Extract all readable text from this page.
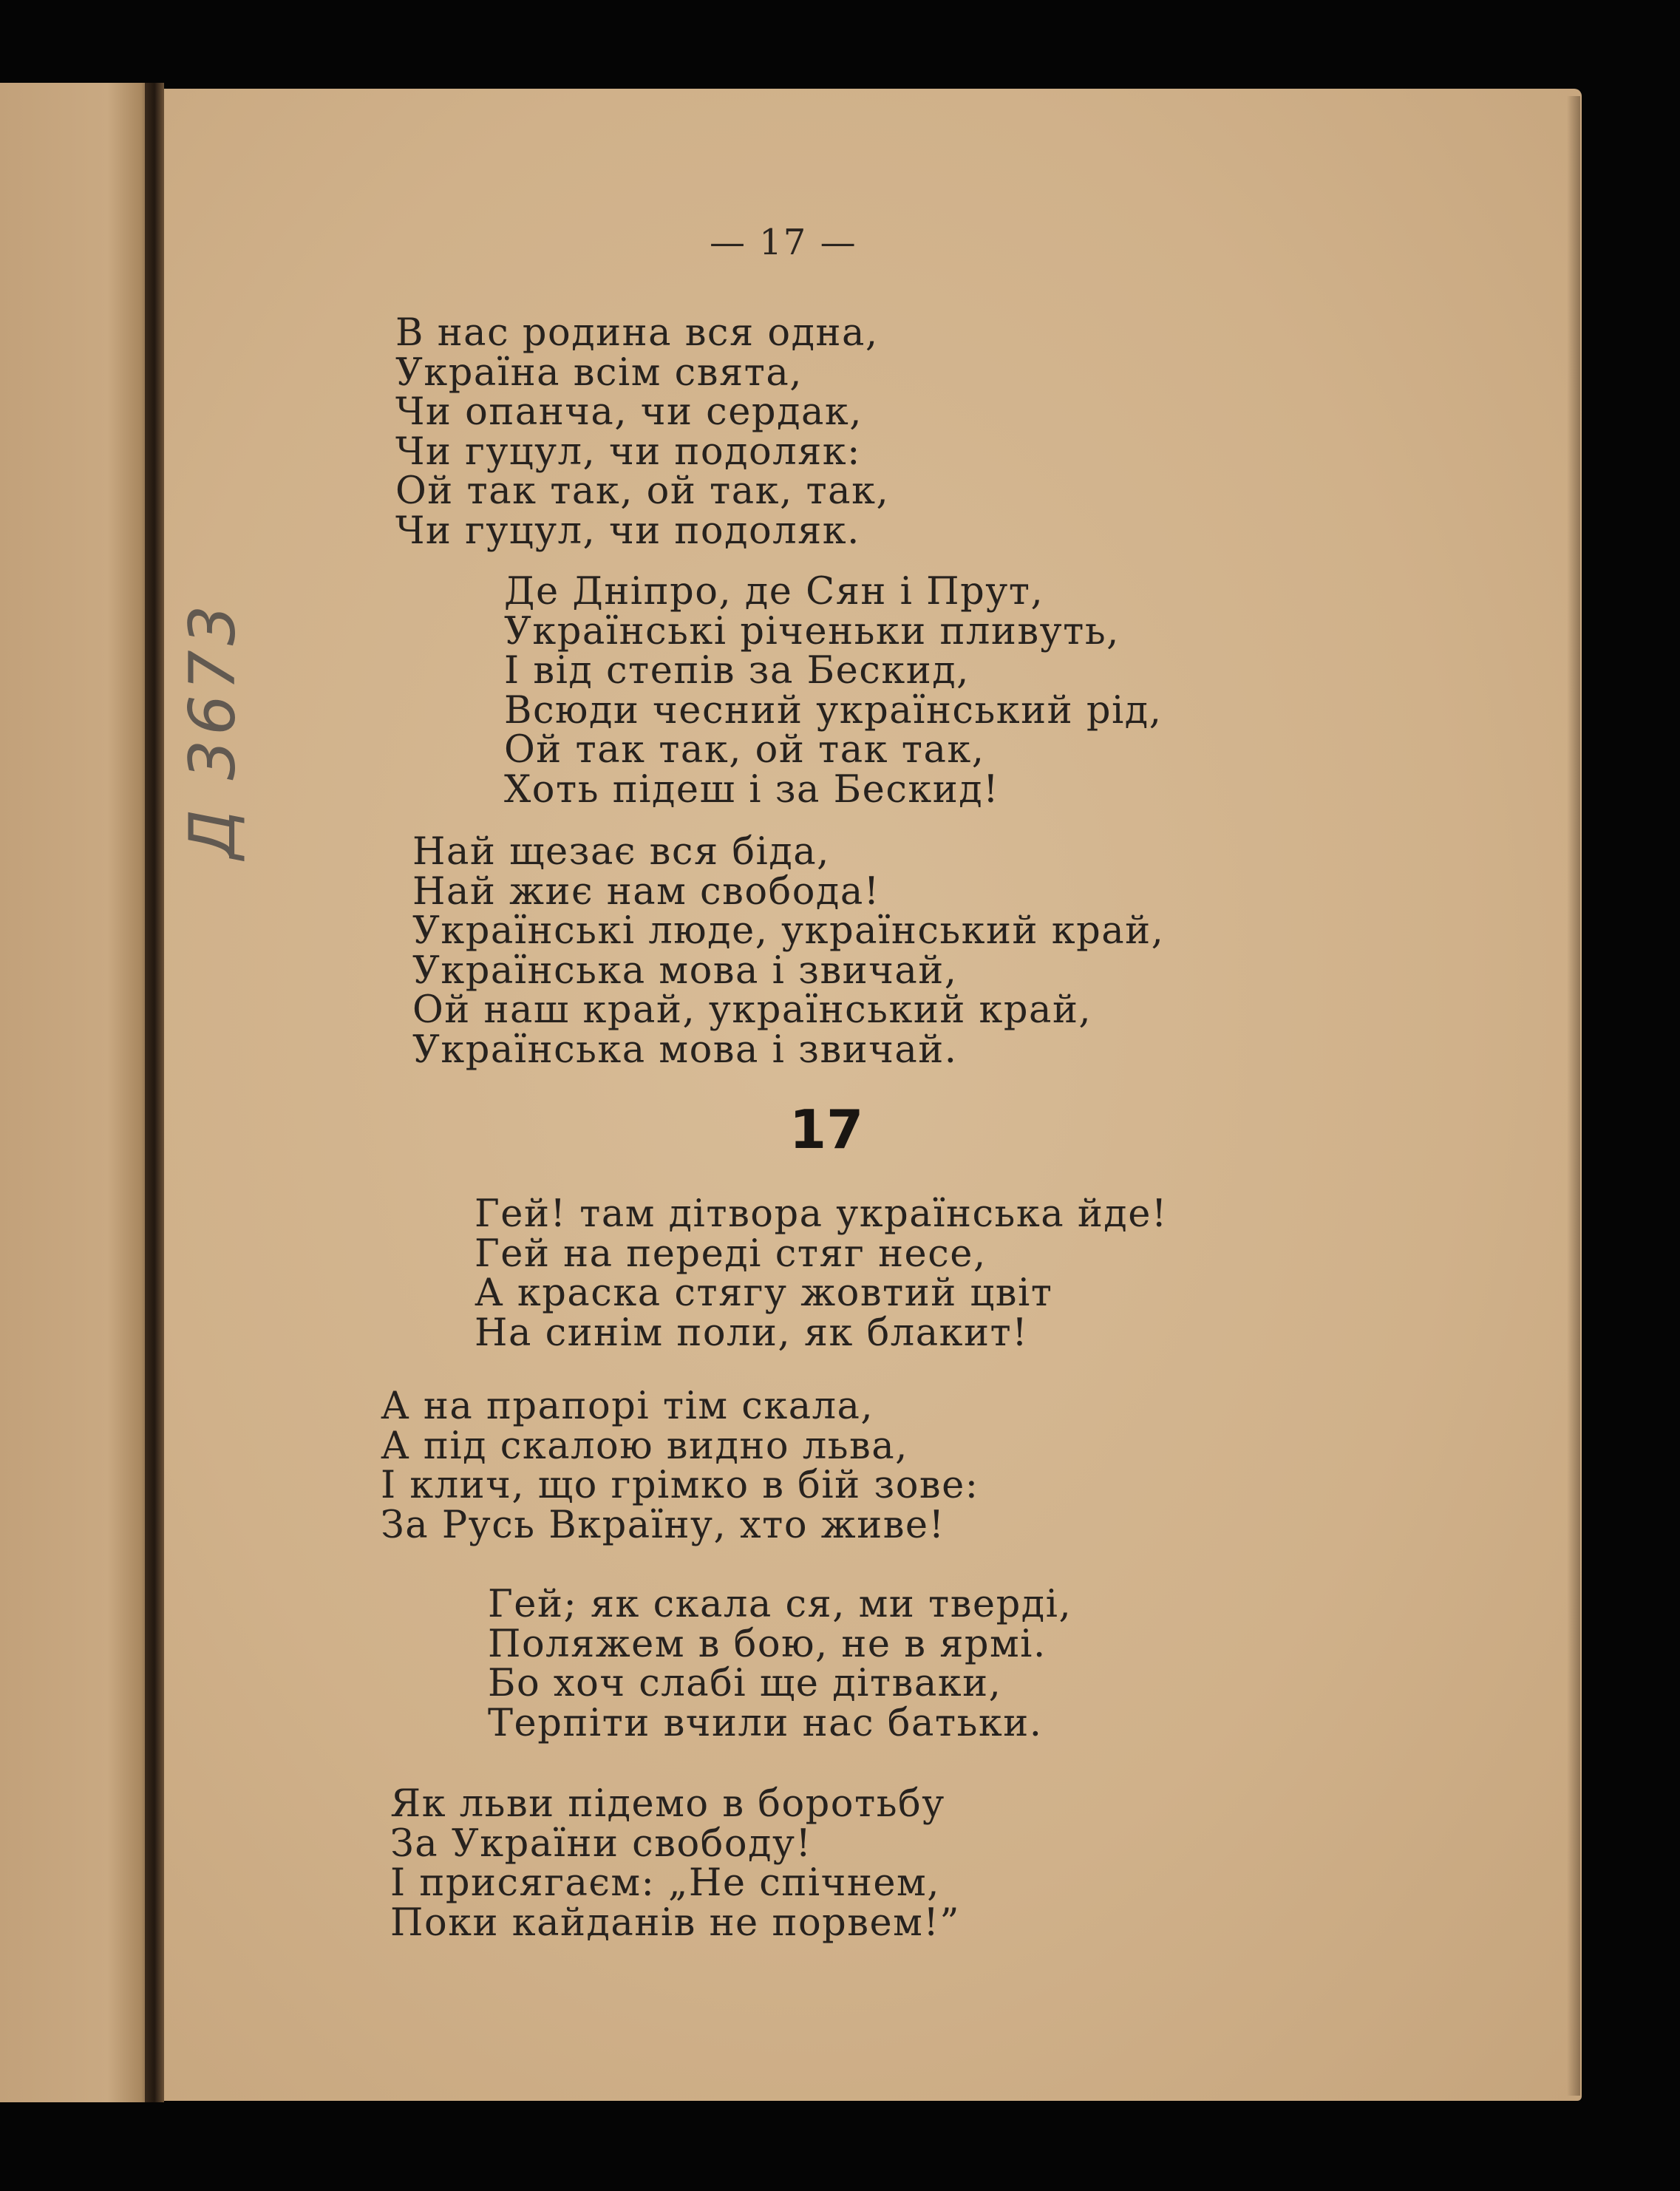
Д 3673
— 17 —
В нас родина вся одна,
Україна всім свята,
Чи опанча, чи сердак,
Чи гуцул, чи подоляк:
Ой так так, ой так, так,
Чи гуцул, чи подоляк.
Де Дніпро, де Сян і Прут,
Українські річеньки пливуть,
І від степів за Бескид,
Всюди чесний український рід,
Ой так так, ой так так,
Хоть підеш і за Бескид!
Най щезає вся біда,
Най жиє нам свобода!
Українські люде, український край,
Українська мова і звичай,
Ой наш край, український край,
Українська мова і звичай.
17
Гей! там дітвора українська йде!
Гей на переді стяг несе,
А краска стягу жовтий цвіт
На синім поли, як блакит!
А на прапорі тім скала,
А під скалою видно льва,
І клич, що грімко в бій зове:
За Русь Вкраїну, хто живе!
Гей; як скала ся, ми тверді,
Поляжем в бою, не в ярмі.
Бо хоч слабі ще дітваки,
Терпіти вчили нас батьки.
Як льви підемо в боротьбу
За України свободу!
І присягаєм: „Не спічнем,
Поки кайданів не порвем!”
